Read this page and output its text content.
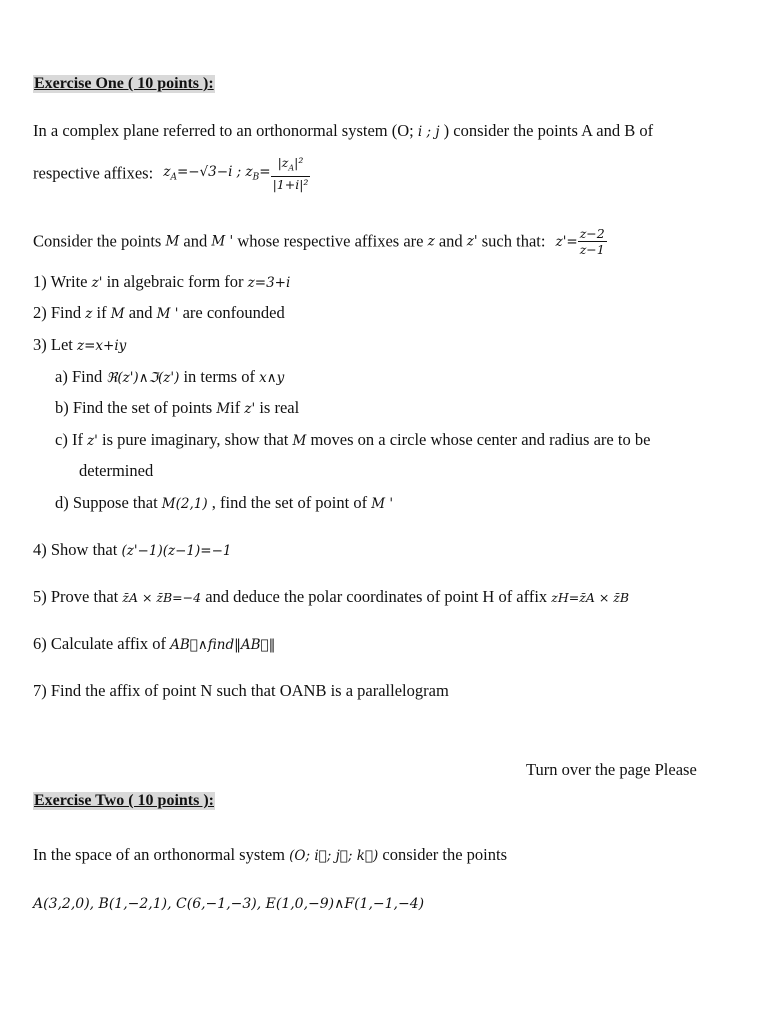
Exercise One ( 10 points ):
In a complex plane referred to an orthonormal system (O; i ; j ) consider the points A and B of
respective affixes: $z_A=-√3-i$ ; $z_B= \frac{|z_A|^2}{\text{|1+i|²}}$
Consider the points M and M ' whose respective affixes are z and z' such that: $z'= \frac{z-2}{z-1}$
1) Write z' in algebraic form for z=3+i
2) Find z if M and M ' are confounded
3) Let z=x+iy
a) Find ℜ(z')∧ℑ(z') in terms of x∧y
b) Find the set of points Mif z' is real
c) If z' is pure imaginary, show that M moves on a circle whose center and radius are to be
determined
d) Suppose that M(2,1) , find the set of point of M '
4) Show that (z'−1)(z−1)=−1
5) Prove that z̄A × z̄B=−4 and deduce the polar coordinates of point H of affix zH=z̄A × z̄B
6) Calculate affix of AB⃗∧find‖AB⃗‖
7) Find the affix of point N such that OANB is a parallelogram
Turn over the page Please
Exercise Two ( 10 points ):
In the space of an orthonormal system (O; i⃗; j⃗; k⃗) consider the points
A(3,2,0), B(1,−2,1), C(6,−1,−3), E(1,0,−9)∧F(1,−1,−4)
